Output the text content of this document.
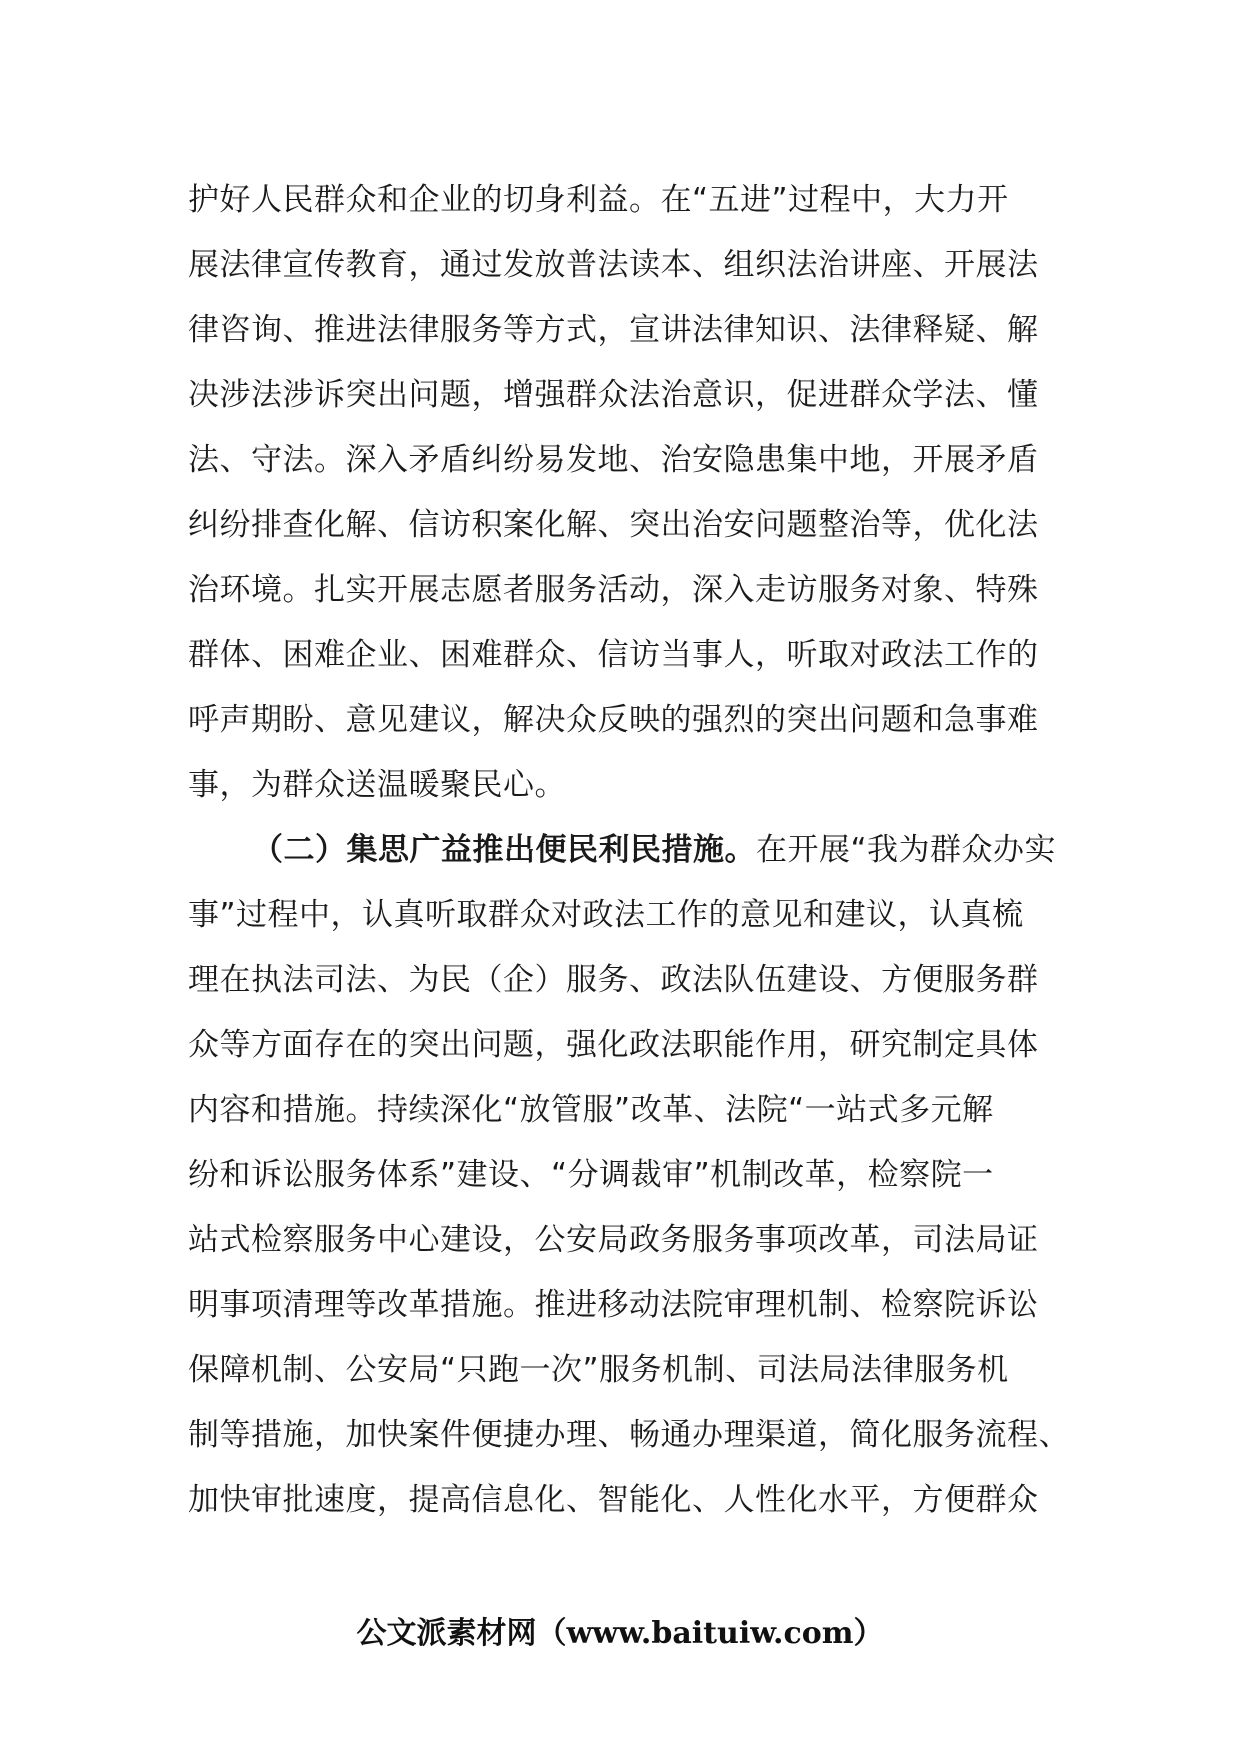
护好人民群众和企业的切身利益。在“五进”过程中，大力开
展法律宣传教育，通过发放普法读本、组织法治讲座、开展法
律咨询、推进法律服务等方式，宣讲法律知识、法律释疑、解
决涉法涉诉突出问题，增强群众法治意识，促进群众学法、懂
法、守法。深入矛盾纠纷易发地、治安隐患集中地，开展矛盾
纠纷排查化解、信访积案化解、突出治安问题整治等，优化法
治环境。扎实开展志愿者服务活动，深入走访服务对象、特殊
群体、困难企业、困难群众、信访当事人，听取对政法工作的
呼声期盼、意见建议，解决众反映的强烈的突出问题和急事难
事，为群众送温暖聚民心。
（二）集思广益推出便民利民措施。在开展“我为群众办实
事”过程中，认真听取群众对政法工作的意见和建议，认真梳
理在执法司法、为民（企）服务、政法队伍建设、方便服务群
众等方面存在的突出问题，强化政法职能作用，研究制定具体
内容和措施。持续深化“放管服”改革、法院“一站式多元解
纷和诉讼服务体系”建设、“分调裁审”机制改革，检察院一
站式检察服务中心建设，公安局政务服务事项改革，司法局证
明事项清理等改革措施。推进移动法院审理机制、检察院诉讼
保障机制、公安局“只跑一次”服务机制、司法局法律服务机
制等措施，加快案件便捷办理、畅通办理渠道，简化服务流程、
加快审批速度，提高信息化、智能化、人性化水平，方便群众
公文派素材网（www.baituiw.com）
